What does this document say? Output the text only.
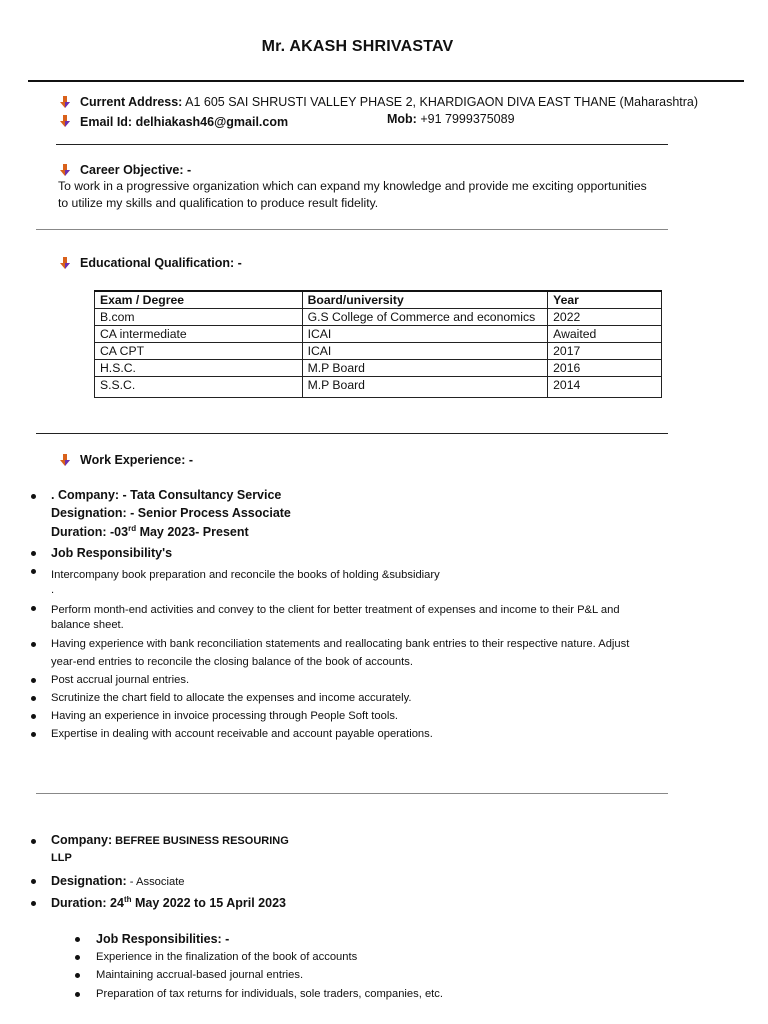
Mr. AKASH SHRIVASTAV
Current Address: A1 605 SAI SHRUSTI VALLEY PHASE 2, KHARDIGAON DIVA EAST THANE (Maharashtra)
Email Id: delhiakash46@gmail.com	Mob: +91 7999375089
Career Objective: -
To work in a progressive organization which can expand my knowledge and provide me exciting opportunities
to utilize my skills and qualification to produce result fidelity.
Educational Qualification: -
Exam / Degree	Board/university	Year
B.com	G.S College of Commerce and economics	2022
CA intermediate	ICAI	Awaited
CA CPT	ICAI	2017
H.S.C.	M.P Board	2016
S.S.C.	M.P Board	2014
Work Experience: -
. Company: - Tata Consultancy Service
Designation: - Senior Process Associate
Duration: -03rd May 2023- Present
Job Responsibility's
Intercompany book preparation and reconcile the books of holding &subsidiary
.
Perform month-end activities and convey to the client for better treatment of expenses and income to their P&L and
balance sheet.
Having experience with bank reconciliation statements and reallocating bank entries to their respective nature. Adjust
year-end entries to reconcile the closing balance of the book of accounts.
Post accrual journal entries.
Scrutinize the chart field to allocate the expenses and income accurately.
Having an experience in invoice processing through People Soft tools.
Expertise in dealing with account receivable and account payable operations.
Company: BEFREE BUSINESS RESOURING
LLP
Designation: - Associate
Duration: 24th May 2022 to 15 April 2023
Job Responsibilities: -
Experience in the finalization of the book of accounts
Maintaining accrual-based journal entries.
Preparation of tax returns for individuals, sole traders, companies, etc.
